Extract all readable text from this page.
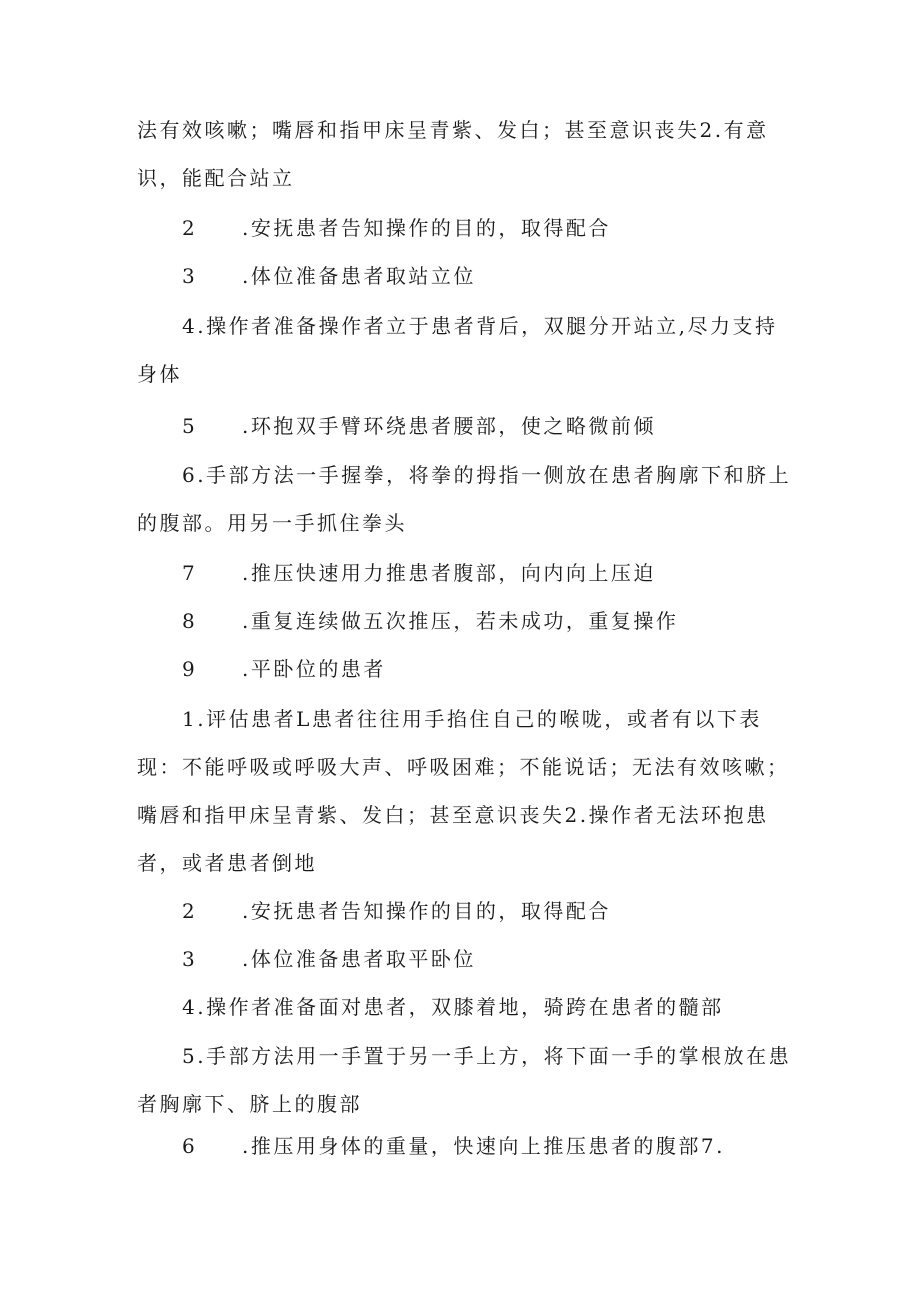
法有效咳嗽；嘴唇和指甲床呈青紫、发白；甚至意识丧失2.有意识，能配合站立
2 .安抚患者告知操作的目的，取得配合
3 .体位准备患者取站立位
4.操作者准备操作者立于患者背后，双腿分开站立,尽力支持身体
5 .环抱双手臂环绕患者腰部，使之略微前倾
6.手部方法一手握拳，将拳的拇指一侧放在患者胸廓下和脐上的腹部。用另一手抓住拳头
7 .推压快速用力推患者腹部，向内向上压迫
8 .重复连续做五次推压，若未成功，重复操作
9 .平卧位的患者
1.评估患者L患者往往用手掐住自己的喉咙，或者有以下表现：不能呼吸或呼吸大声、呼吸困难；不能说话；无法有效咳嗽；嘴唇和指甲床呈青紫、发白；甚至意识丧失2.操作者无法环抱患者，或者患者倒地
2 .安抚患者告知操作的目的，取得配合
3 .体位准备患者取平卧位
4.操作者准备面对患者，双膝着地，骑跨在患者的髓部
5.手部方法用一手置于另一手上方，将下面一手的掌根放在患者胸廓下、脐上的腹部
6 .推压用身体的重量，快速向上推压患者的腹部7.
